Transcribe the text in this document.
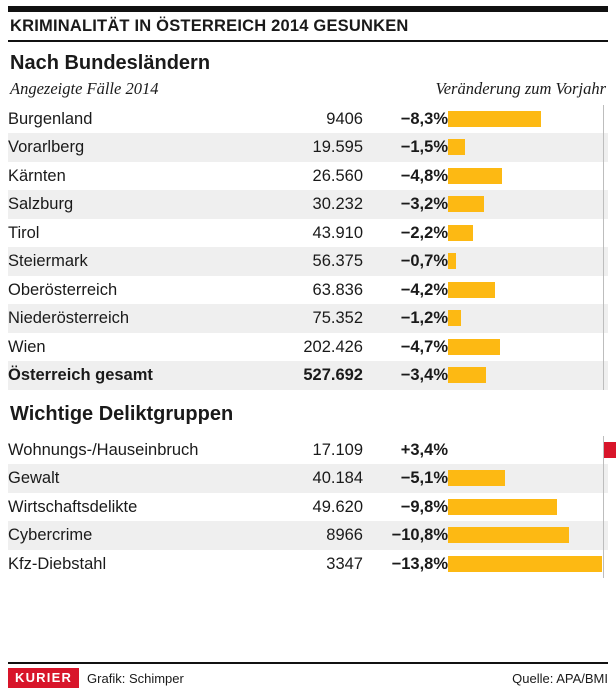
KRIMINALITÄT IN ÖSTERREICH 2014 GESUNKEN
Nach Bundesländern
Angezeigte Fälle 2014	Veränderung zum Vorjahr
Burgenland	9406	−8,3%	

Vorarlberg	19.595	−1,5%	

Kärnten	26.560	−4,8%	

Salzburg	30.232	−3,2%	

Tirol	43.910	−2,2%	

Steiermark	56.375	−0,7%	

Oberösterreich	63.836	−4,2%	

Niederösterreich	75.352	−1,2%	

Wien	202.426	−4,7%	

Österreich gesamt	527.692	−3,4%	
Wichtige Deliktgruppen
Wohnungs-/Hauseinbruch	17.109	+3,4%	

Gewalt	40.184	−5,1%	

Wirtschaftsdelikte	49.620	−9,8%	

Cybercrime	8966	−10,8%	

Kfz-Diebstahl	3347	−13,8%	
KURIER	Grafik: Schimper	Quelle: APA/BMI
